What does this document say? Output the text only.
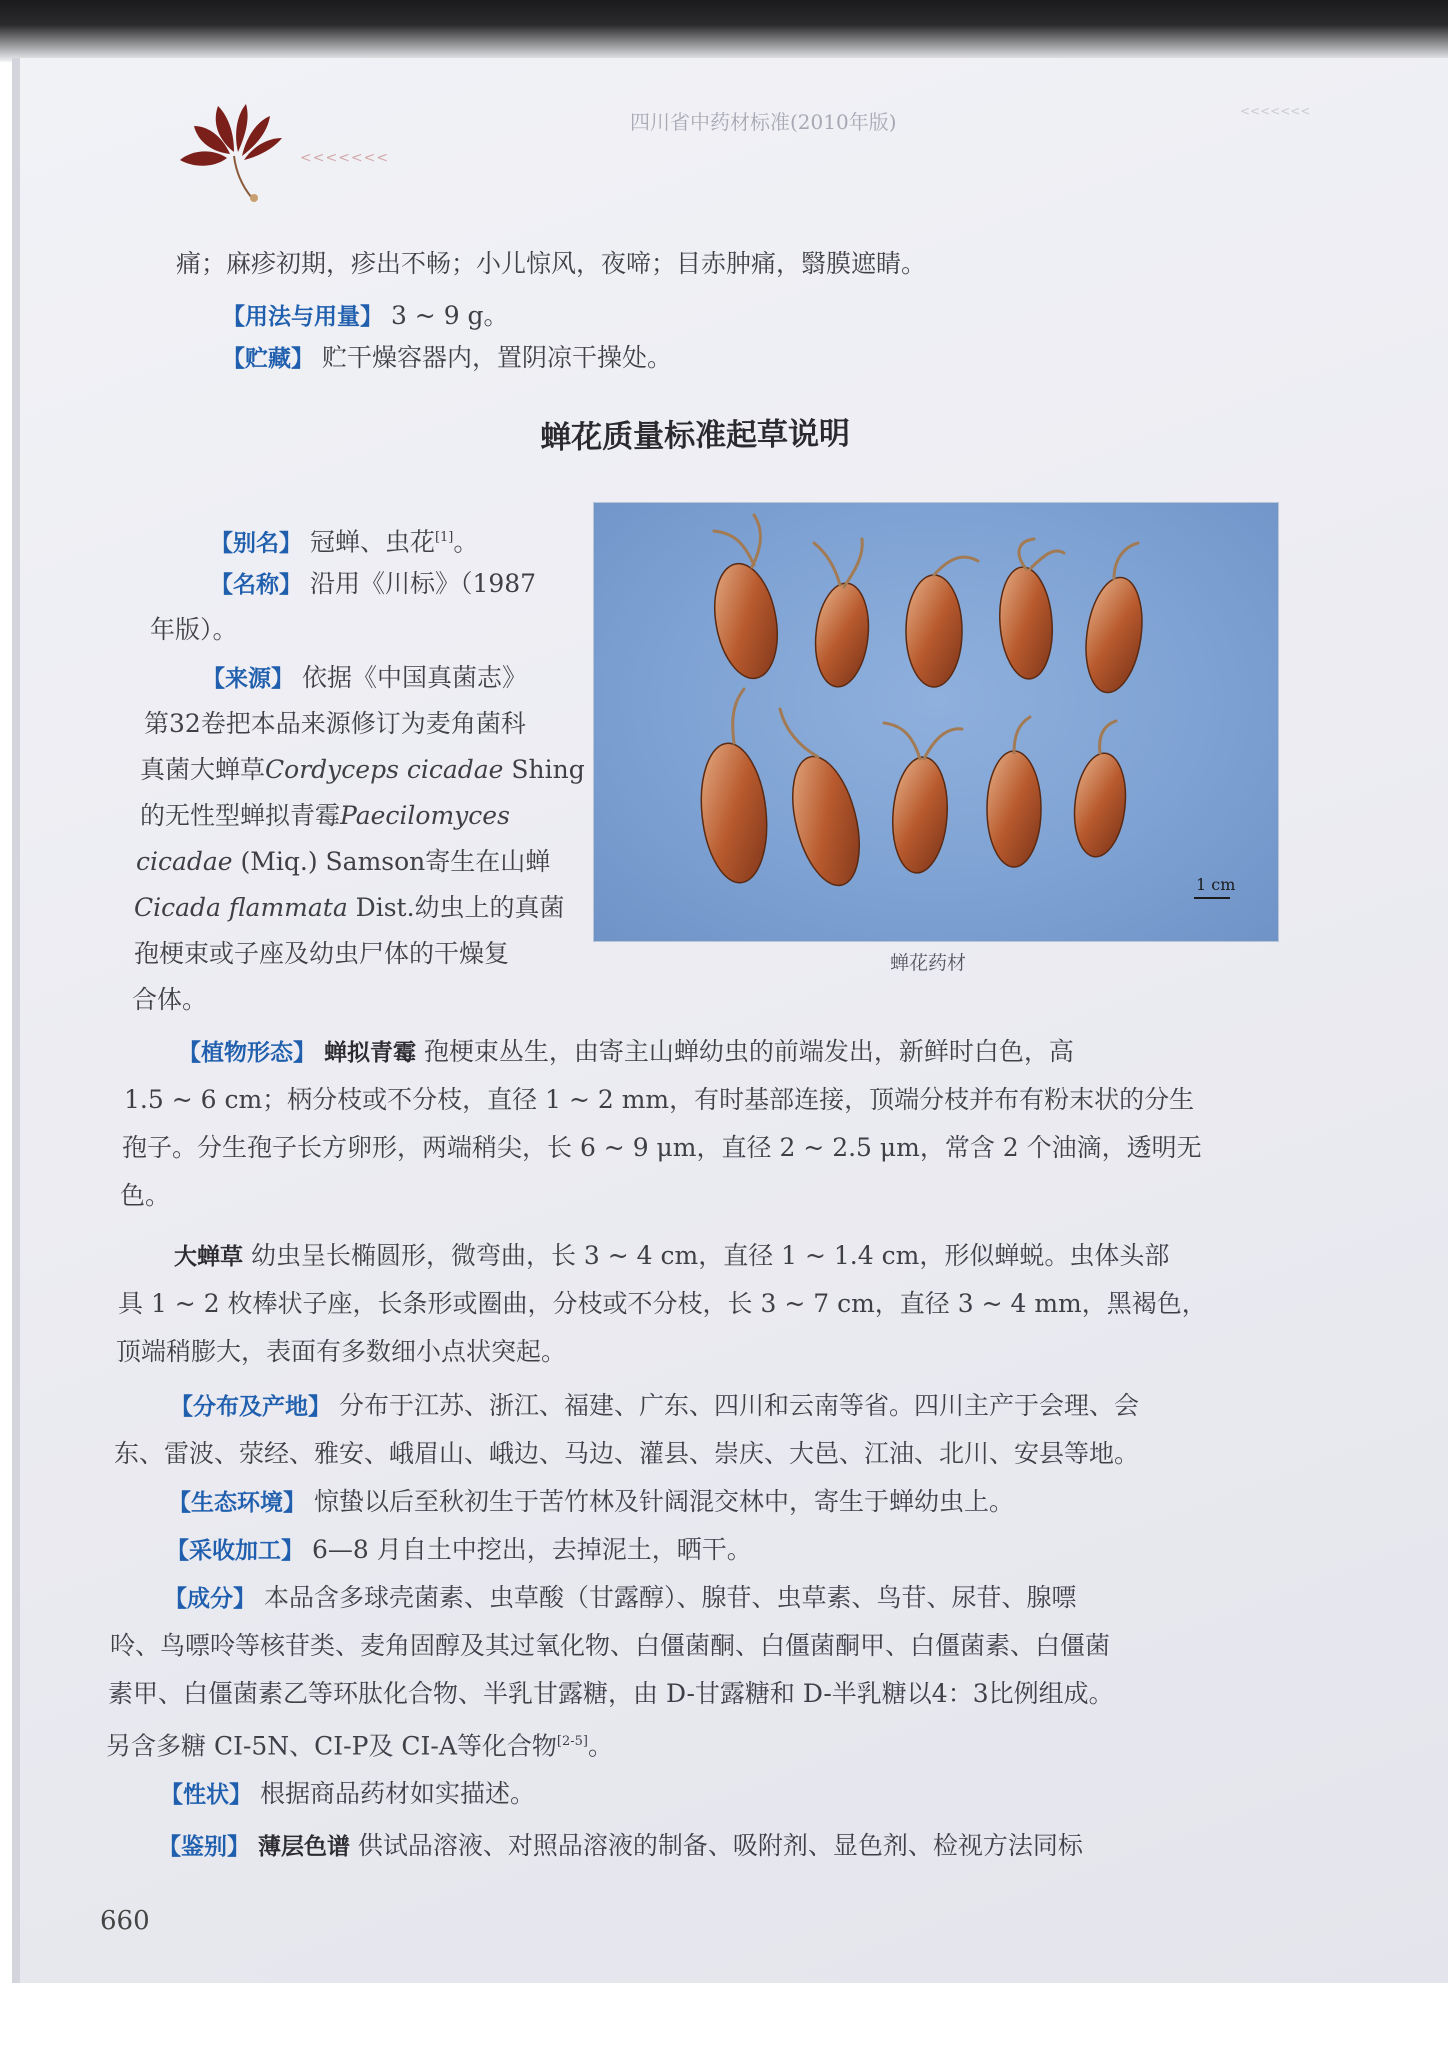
<<<<<<<
四川省中药材标准(2010年版)	<<<<<<<
痛；麻疹初期，疹出不畅；小儿惊风，夜啼；目赤肿痛，翳膜遮睛。
【用法与用量】 3 ~ 9 g。
【贮藏】 贮干燥容器内，置阴凉干操处。
蝉花质量标准起草说明
1 cm
蝉花药材
【别名】 冠蝉、虫花[1]。
【名称】 沿用《川标》（1987
年版）。
【来源】 依据《中国真菌志》
第32卷把本品来源修订为麦角菌科
真菌大蝉草Cordyceps cicadae Shing
的无性型蝉拟青霉Paecilomyces
cicadae (Miq.) Samson寄生在山蝉
Cicada flammata Dist.幼虫上的真菌
孢梗束或子座及幼虫尸体的干燥复
合体。
【植物形态】 蝉拟青霉 孢梗束丛生，由寄主山蝉幼虫的前端发出，新鲜时白色，高
1.5 ~ 6 cm；柄分枝或不分枝，直径 1 ~ 2 mm，有时基部连接，顶端分枝并布有粉末状的分生
孢子。分生孢子长方卵形，两端稍尖，长 6 ~ 9 μm，直径 2 ~ 2.5 μm，常含 2 个油滴，透明无
色。
大蝉草 幼虫呈长椭圆形，微弯曲，长 3 ~ 4 cm，直径 1 ~ 1.4 cm，形似蝉蜕。虫体头部
具 1 ~ 2 枚棒状子座，长条形或圈曲，分枝或不分枝，长 3 ~ 7 cm，直径 3 ~ 4 mm，黑褐色，
顶端稍膨大，表面有多数细小点状突起。
【分布及产地】 分布于江苏、浙江、福建、广东、四川和云南等省。四川主产于会理、会
东、雷波、荥经、雅安、峨眉山、峨边、马边、灌县、崇庆、大邑、江油、北川、安县等地。
【生态环境】 惊蛰以后至秋初生于苦竹林及针阔混交林中，寄生于蝉幼虫上。
【采收加工】 6—8 月自土中挖出，去掉泥土，晒干。
【成分】 本品含多球壳菌素、虫草酸（甘露醇）、腺苷、虫草素、鸟苷、尿苷、腺嘌
呤、鸟嘌呤等核苷类、麦角固醇及其过氧化物、白僵菌酮、白僵菌酮甲、白僵菌素、白僵菌
素甲、白僵菌素乙等环肽化合物、半乳甘露糖，由 D-甘露糖和 D-半乳糖以4：3比例组成。
另含多糖 CI-5N、CI-P及 CI-A等化合物[2-5]。
【性状】 根据商品药材如实描述。
【鉴别】 薄层色谱 供试品溶液、对照品溶液的制备、吸附剂、显色剂、检视方法同标
660
